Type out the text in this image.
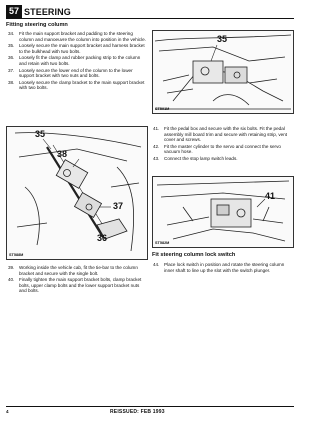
57 STEERING
Fitting steering column
34.	Fit the main support bracket and padding to the steering column and manoeuvre the column into position in the vehicle.
35.	Loosely secure the main support bracket and harness bracket to the bulkhead with two bolts.
36.	Loosely fit the clamp and rubber packing strip to the column and retain with two bolts.
37.	Loosely secure the lower end of the column to the lower support bracket with two nuts and bolts.
38.	Loosely secure the clamp bracket to the main support bracket with two bolts.
35
ST591M
35
38
37
36
ST588M
41.	Fit the pedal box and secure with the six bolts. Fit the pedal assembly mill board trim and secure with retaining strip, vent cover and screws.
42.	Fit the master cylinder to the servo and connect the servo vacuum hose.
43.	Connect the stop lamp switch leads.
41
ST582M
Fit steering column lock switch
44.	Place lock switch in position and rotate the steering column inner shaft to line up the slot with the switch plunger.
39.	Working inside the vehicle cab, fit the tie-bar to the column bracket and secure with the single bolt.
40.	Finally tighten the main support bracket bolts, clamp bracket bolts, upper clamp bolts and the lower support bracket nuts and bolts.
4	REISSUED: FEB 1993
